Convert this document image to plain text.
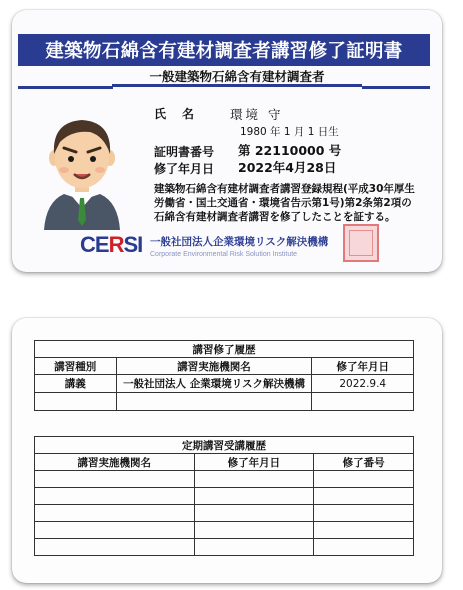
建築物石綿含有建材調査者講習修了証明書
一般建築物石綿含有建材調査者
氏名 環境 守
1980 年 1 月 1 日生
証明書番号 第 22110000 号
修了年月日 2022年4月28日
建築物石綿含有建材調査者講習登録規程(平成30年厚生
労働省・国土交通省・環境省告示第1号)第2条第2項の
石綿含有建材調査者講習を修了したことを証する。
CERSI 一般社団法人企業環境リスク解決機構
Corporate Environmental Risk Solution Institute
講習修了履歴		
講習種別	講習実施機関名	修了年月日
講義	一般社団法人 企業環境リスク解決機構	2022.9.4

定期講習受講履歴		
講習実施機関名	修了年月日	修了番号
